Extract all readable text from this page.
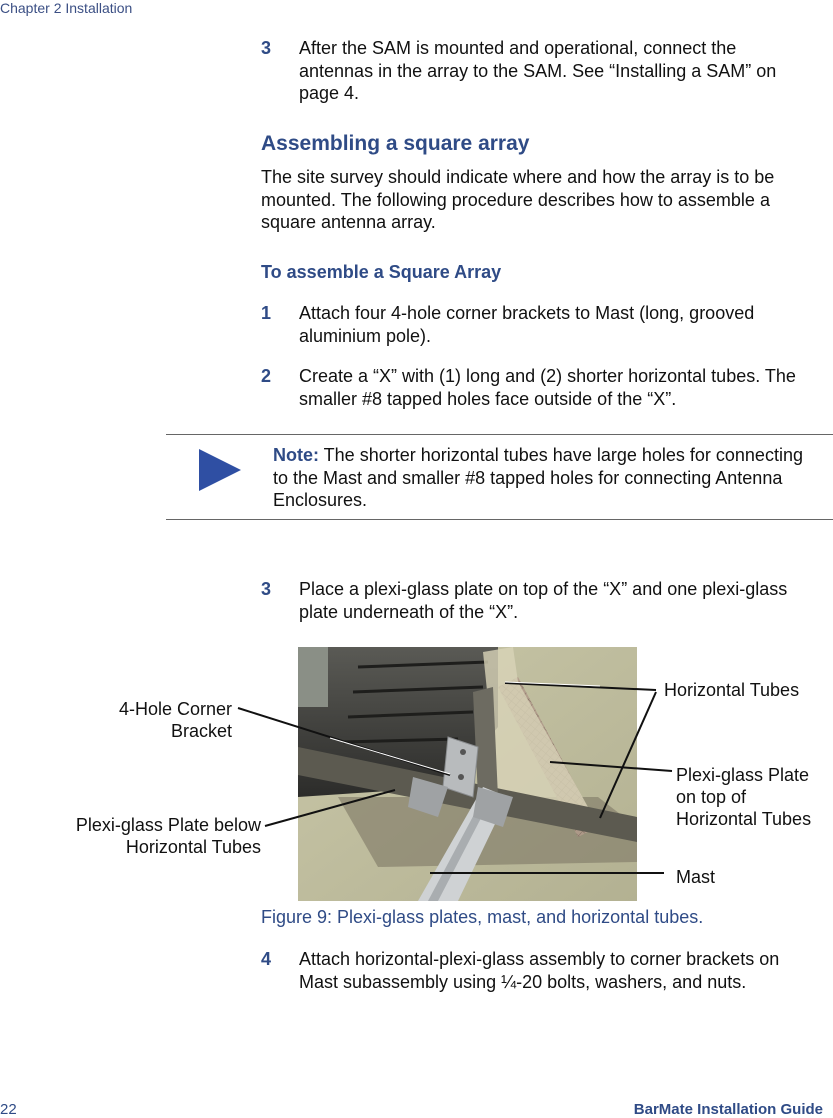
Chapter 2 Installation
3 After the SAM is mounted and operational, connect the antennas in the array to the SAM. See “Installing a SAM” on page 4.
Assembling a square array
The site survey should indicate where and how the array is to be mounted. The following procedure describes how to assemble a square antenna array.
To assemble a Square Array
1 Attach four 4-hole corner brackets to Mast (long, grooved aluminium pole).
2 Create a “X” with (1) long and (2) shorter horizontal tubes. The smaller #8 tapped holes face outside of the “X”.
Note: The shorter horizontal tubes have large holes for connecting to the Mast and smaller #8 tapped holes for connecting Antenna Enclosures.
3 Place a plexi-glass plate on top of the “X” and one plexi-glass plate underneath of the “X”.
4-Hole Corner
Bracket
Plexi-glass Plate below
Horizontal Tubes
Horizontal Tubes
Plexi-glass Plate
on top of
Horizontal Tubes
Mast
Figure 9: Plexi-glass plates, mast, and horizontal tubes.
4 Attach horizontal-plexi-glass assembly to corner brackets on Mast subassembly using ¼-20 bolts, washers, and nuts.
22	BarMate Installation Guide
